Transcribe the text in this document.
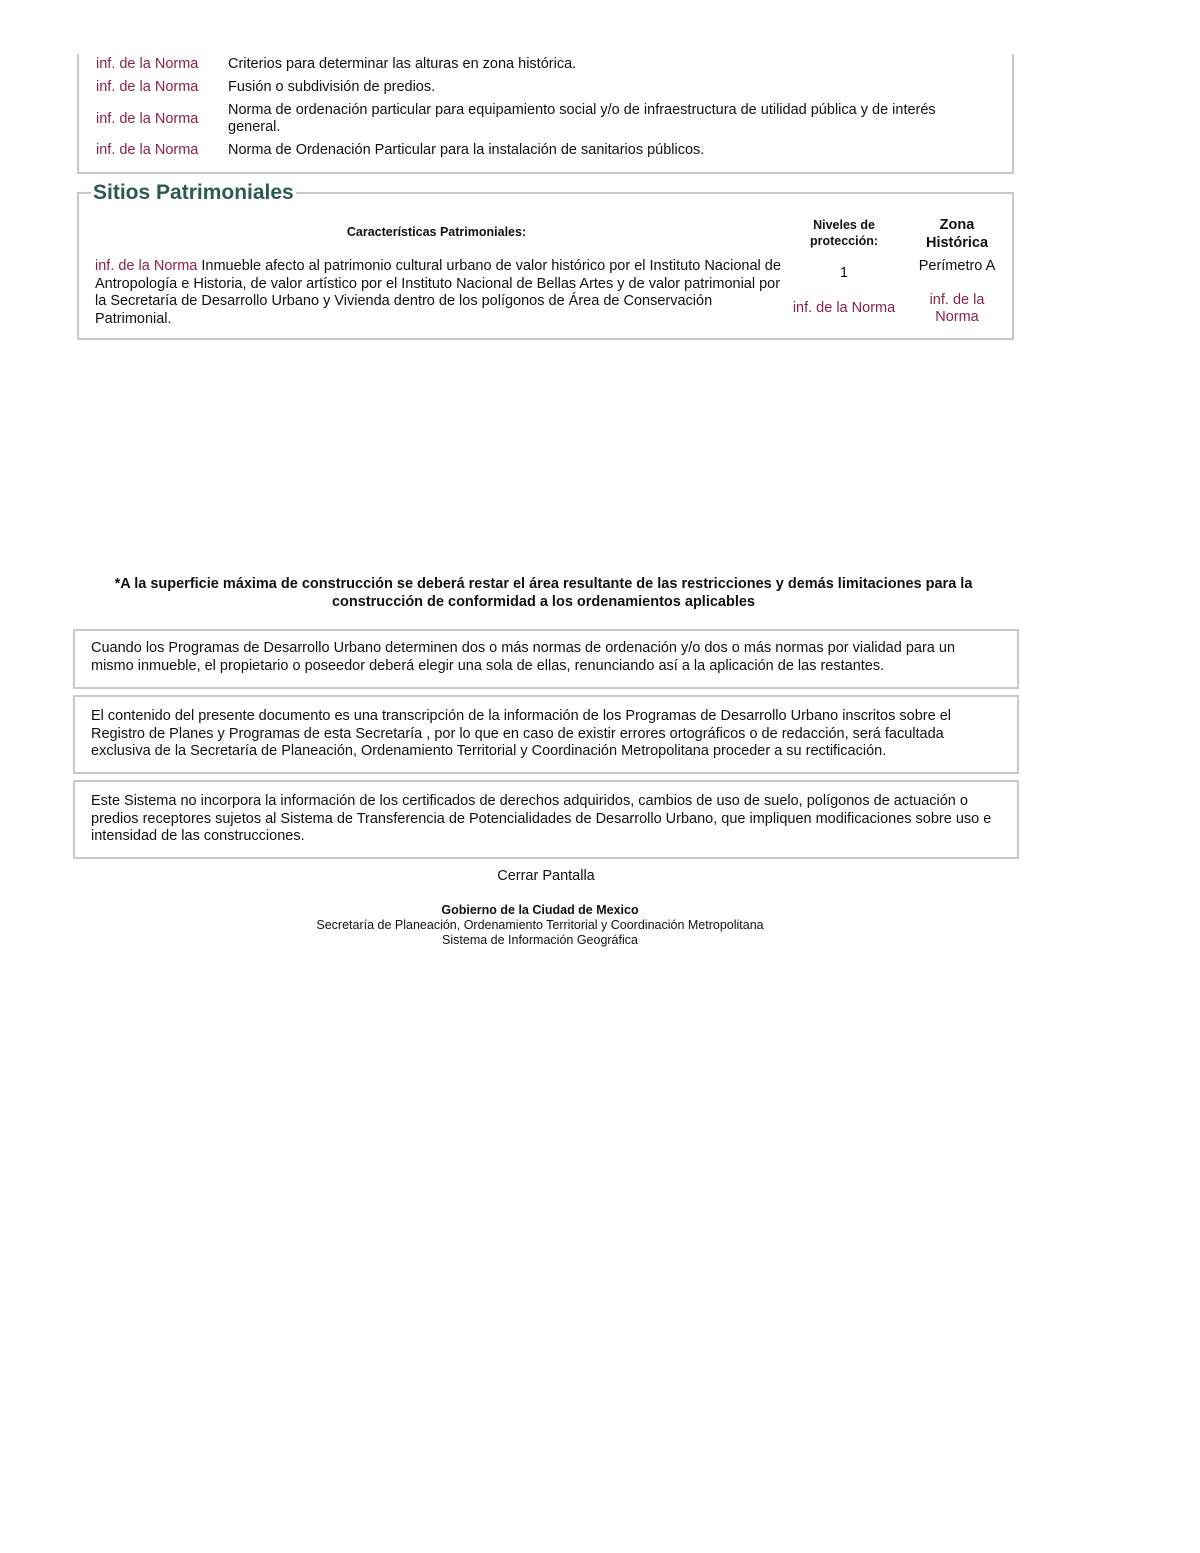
inf. de la Norma Criterios para determinar las alturas en zona histórica.
inf. de la Norma Fusión o subdivisión de predios.
inf. de la Norma
Norma de ordenación particular para equipamiento social y/o de infraestructura de utilidad pública y de interés general.
inf. de la Norma Norma de Ordenación Particular para la instalación de sanitarios públicos.
Sitios Patrimoniales
Características Patrimoniales:	Niveles de protección:
Zona Histórica
inf. de la Norma Inmueble afecto al patrimonio cultural urbano de valor histórico por el Instituto Nacional de Antropología e Historia, de valor artístico por el Instituto Nacional de Bellas Artes y de valor patrimonial por la Secretaría de Desarrollo Urbano y Vivienda dentro de los polígonos de Área de Conservación Patrimonial.
1
inf. de la Norma
Perímetro A
inf. de la Norma
*A la superficie máxima de construcción se deberá restar el área resultante de las restricciones y demás limitaciones para la construcción de conformidad a los ordenamientos aplicables
Cuando los Programas de Desarrollo Urbano determinen dos o más normas de ordenación y/o dos o más normas por vialidad para un mismo inmueble, el propietario o poseedor deberá elegir una sola de ellas, renunciando así a la aplicación de las restantes.
El contenido del presente documento es una transcripción de la información de los Programas de Desarrollo Urbano inscritos sobre el Registro de Planes y Programas de esta Secretaría , por lo que en caso de existir errores ortográficos o de redacción, será facultada exclusiva de la Secretaría de Planeación, Ordenamiento Territorial y Coordinación Metropolitana proceder a su rectificación.
Este Sistema no incorpora la información de los certificados de derechos adquiridos, cambios de uso de suelo, polígonos de actuación o predios receptores sujetos al Sistema de Transferencia de Potencialidades de Desarrollo Urbano, que impliquen modificaciones sobre uso e intensidad de las construcciones.
Cerrar Pantalla
Gobierno de la Ciudad de Mexico
Secretaría de Planeación, Ordenamiento Territorial y Coordinación Metropolitana
Sistema de Información Geográfica
